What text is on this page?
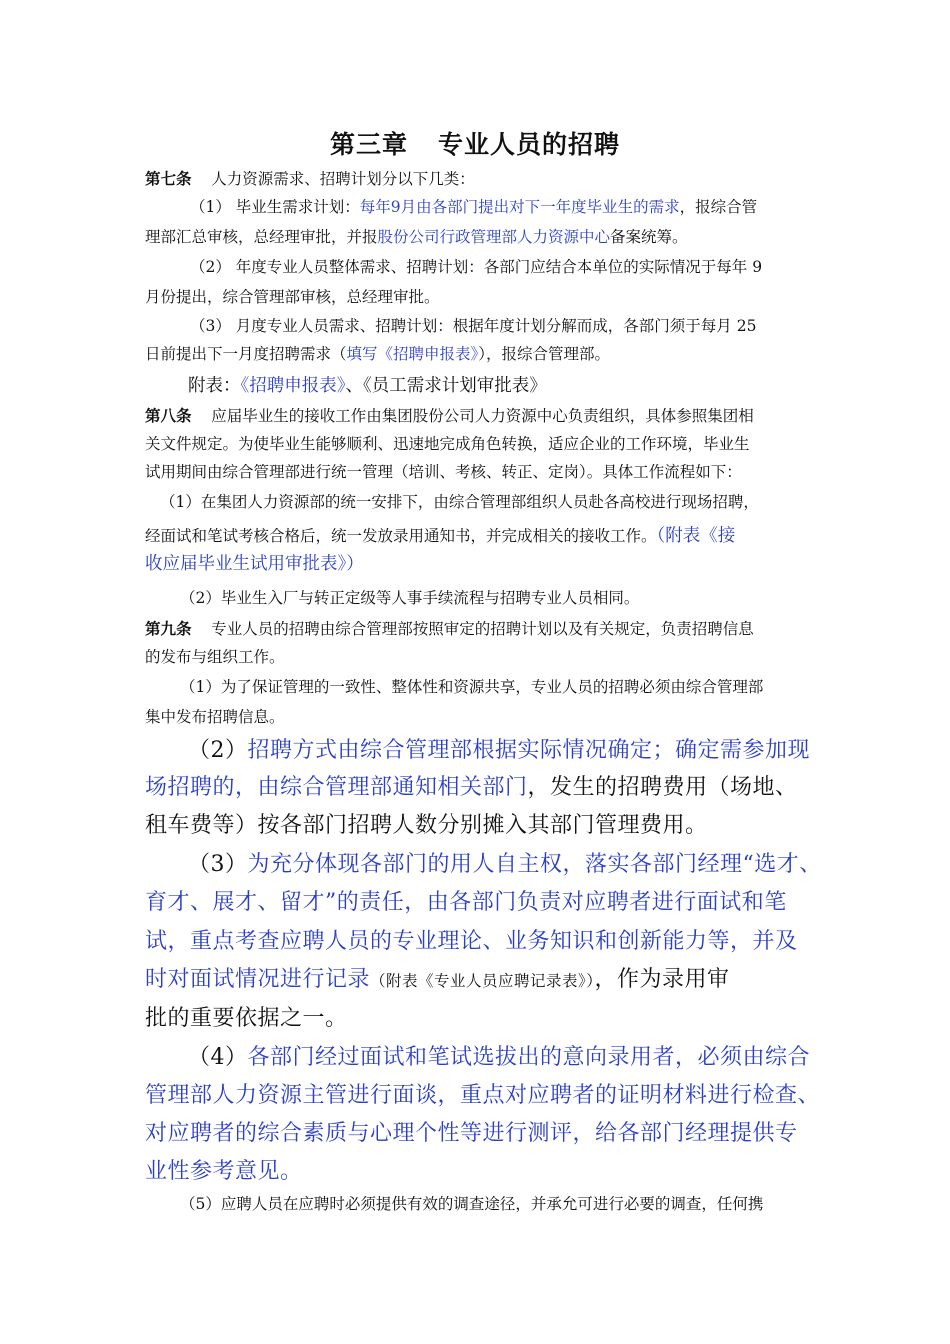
第三章 专业人员的招聘
第七条 人力资源需求、招聘计划分以下几类：
（1） 毕业生需求计划：每年9月由各部门提出对下一年度毕业生的需求，报综合管
理部汇总审核，总经理审批，并报股份公司行政管理部人力资源中心备案统筹。
（2） 年度专业人员整体需求、招聘计划：各部门应结合本单位的实际情况于每年 9
月份提出，综合管理部审核，总经理审批。
（3） 月度专业人员需求、招聘计划：根据年度计划分解而成，各部门须于每月 25
日前提出下一月度招聘需求（填写《招聘申报表》），报综合管理部。
附表：《招聘申报表》、《员工需求计划审批表》
第八条 应届毕业生的接收工作由集团股份公司人力资源中心负责组织，具体参照集团相
关文件规定。为使毕业生能够顺利、迅速地完成角色转换，适应企业的工作环境，毕业生
试用期间由综合管理部进行统一管理（培训、考核、转正、定岗）。具体工作流程如下：
（1）在集团人力资源部的统一安排下，由综合管理部组织人员赴各高校进行现场招聘，
经面试和笔试考核合格后，统一发放录用通知书，并完成相关的接收工作。（附表《接
收应届毕业生试用审批表》）
（2）毕业生入厂与转正定级等人事手续流程与招聘专业人员相同。
第九条 专业人员的招聘由综合管理部按照审定的招聘计划以及有关规定，负责招聘信息
的发布与组织工作。
（1）为了保证管理的一致性、整体性和资源共享，专业人员的招聘必须由综合管理部
集中发布招聘信息。
（2）招聘方式由综合管理部根据实际情况确定；确定需参加现
场招聘的，由综合管理部通知相关部门，发生的招聘费用（场地、
租车费等）按各部门招聘人数分别摊入其部门管理费用。
（3）为充分体现各部门的用人自主权，落实各部门经理“选才、
育才、展才、留才”的责任，由各部门负责对应聘者进行面试和笔
试，重点考查应聘人员的专业理论、业务知识和创新能力等，并及
时对面试情况进行记录（附表《专业人员应聘记录表》），作为录用审
批的重要依据之一。
（4）各部门经过面试和笔试选拔出的意向录用者，必须由综合
管理部人力资源主管进行面谈，重点对应聘者的证明材料进行检查、
对应聘者的综合素质与心理个性等进行测评，给各部门经理提供专
业性参考意见。
（5）应聘人员在应聘时必须提供有效的调查途径，并承允可进行必要的调查，任何携
